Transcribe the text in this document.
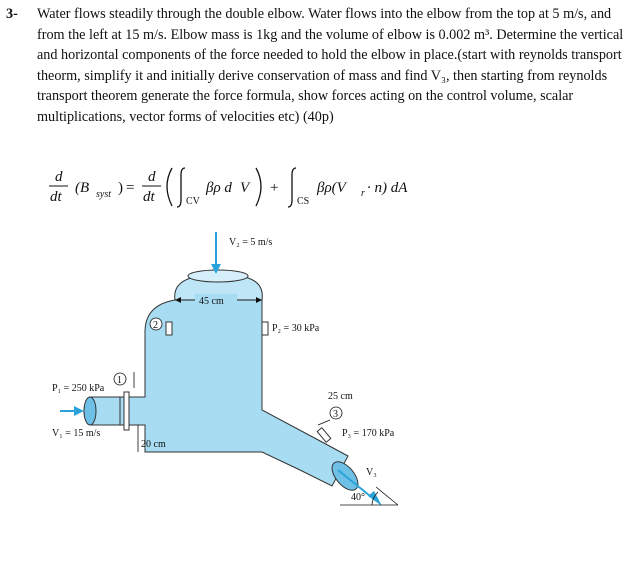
3- Water flows steadily through the double elbow. Water flows into the elbow from the top at 5 m/s, and from the left at 15 m/s. Elbow mass is 1kg and the volume of elbow is 0.002 m³. Determine the vertical and horizontal components of the force needed to hold the elbow in place.(start with reynolds transport theorm, simplify it and initially derive conservation of mass and find V₃, then starting from reynolds transport theorem generate the force formula, show forces acting on the control volume, scalar multiplications, vector forms of velocities etc) (40p)
d
dt
(B syst ) =
d
dt	CV
βρ d V +
CS
βρ(V r · n) dA
V₂ = 5 m/s
45 cm
2	P₂ = 30 kPa
P₁ = 250 kPa
1
V₁ = 15 m/s
20 cm
25 cm
3
P₃ = 170 kPa
V₃
40°
